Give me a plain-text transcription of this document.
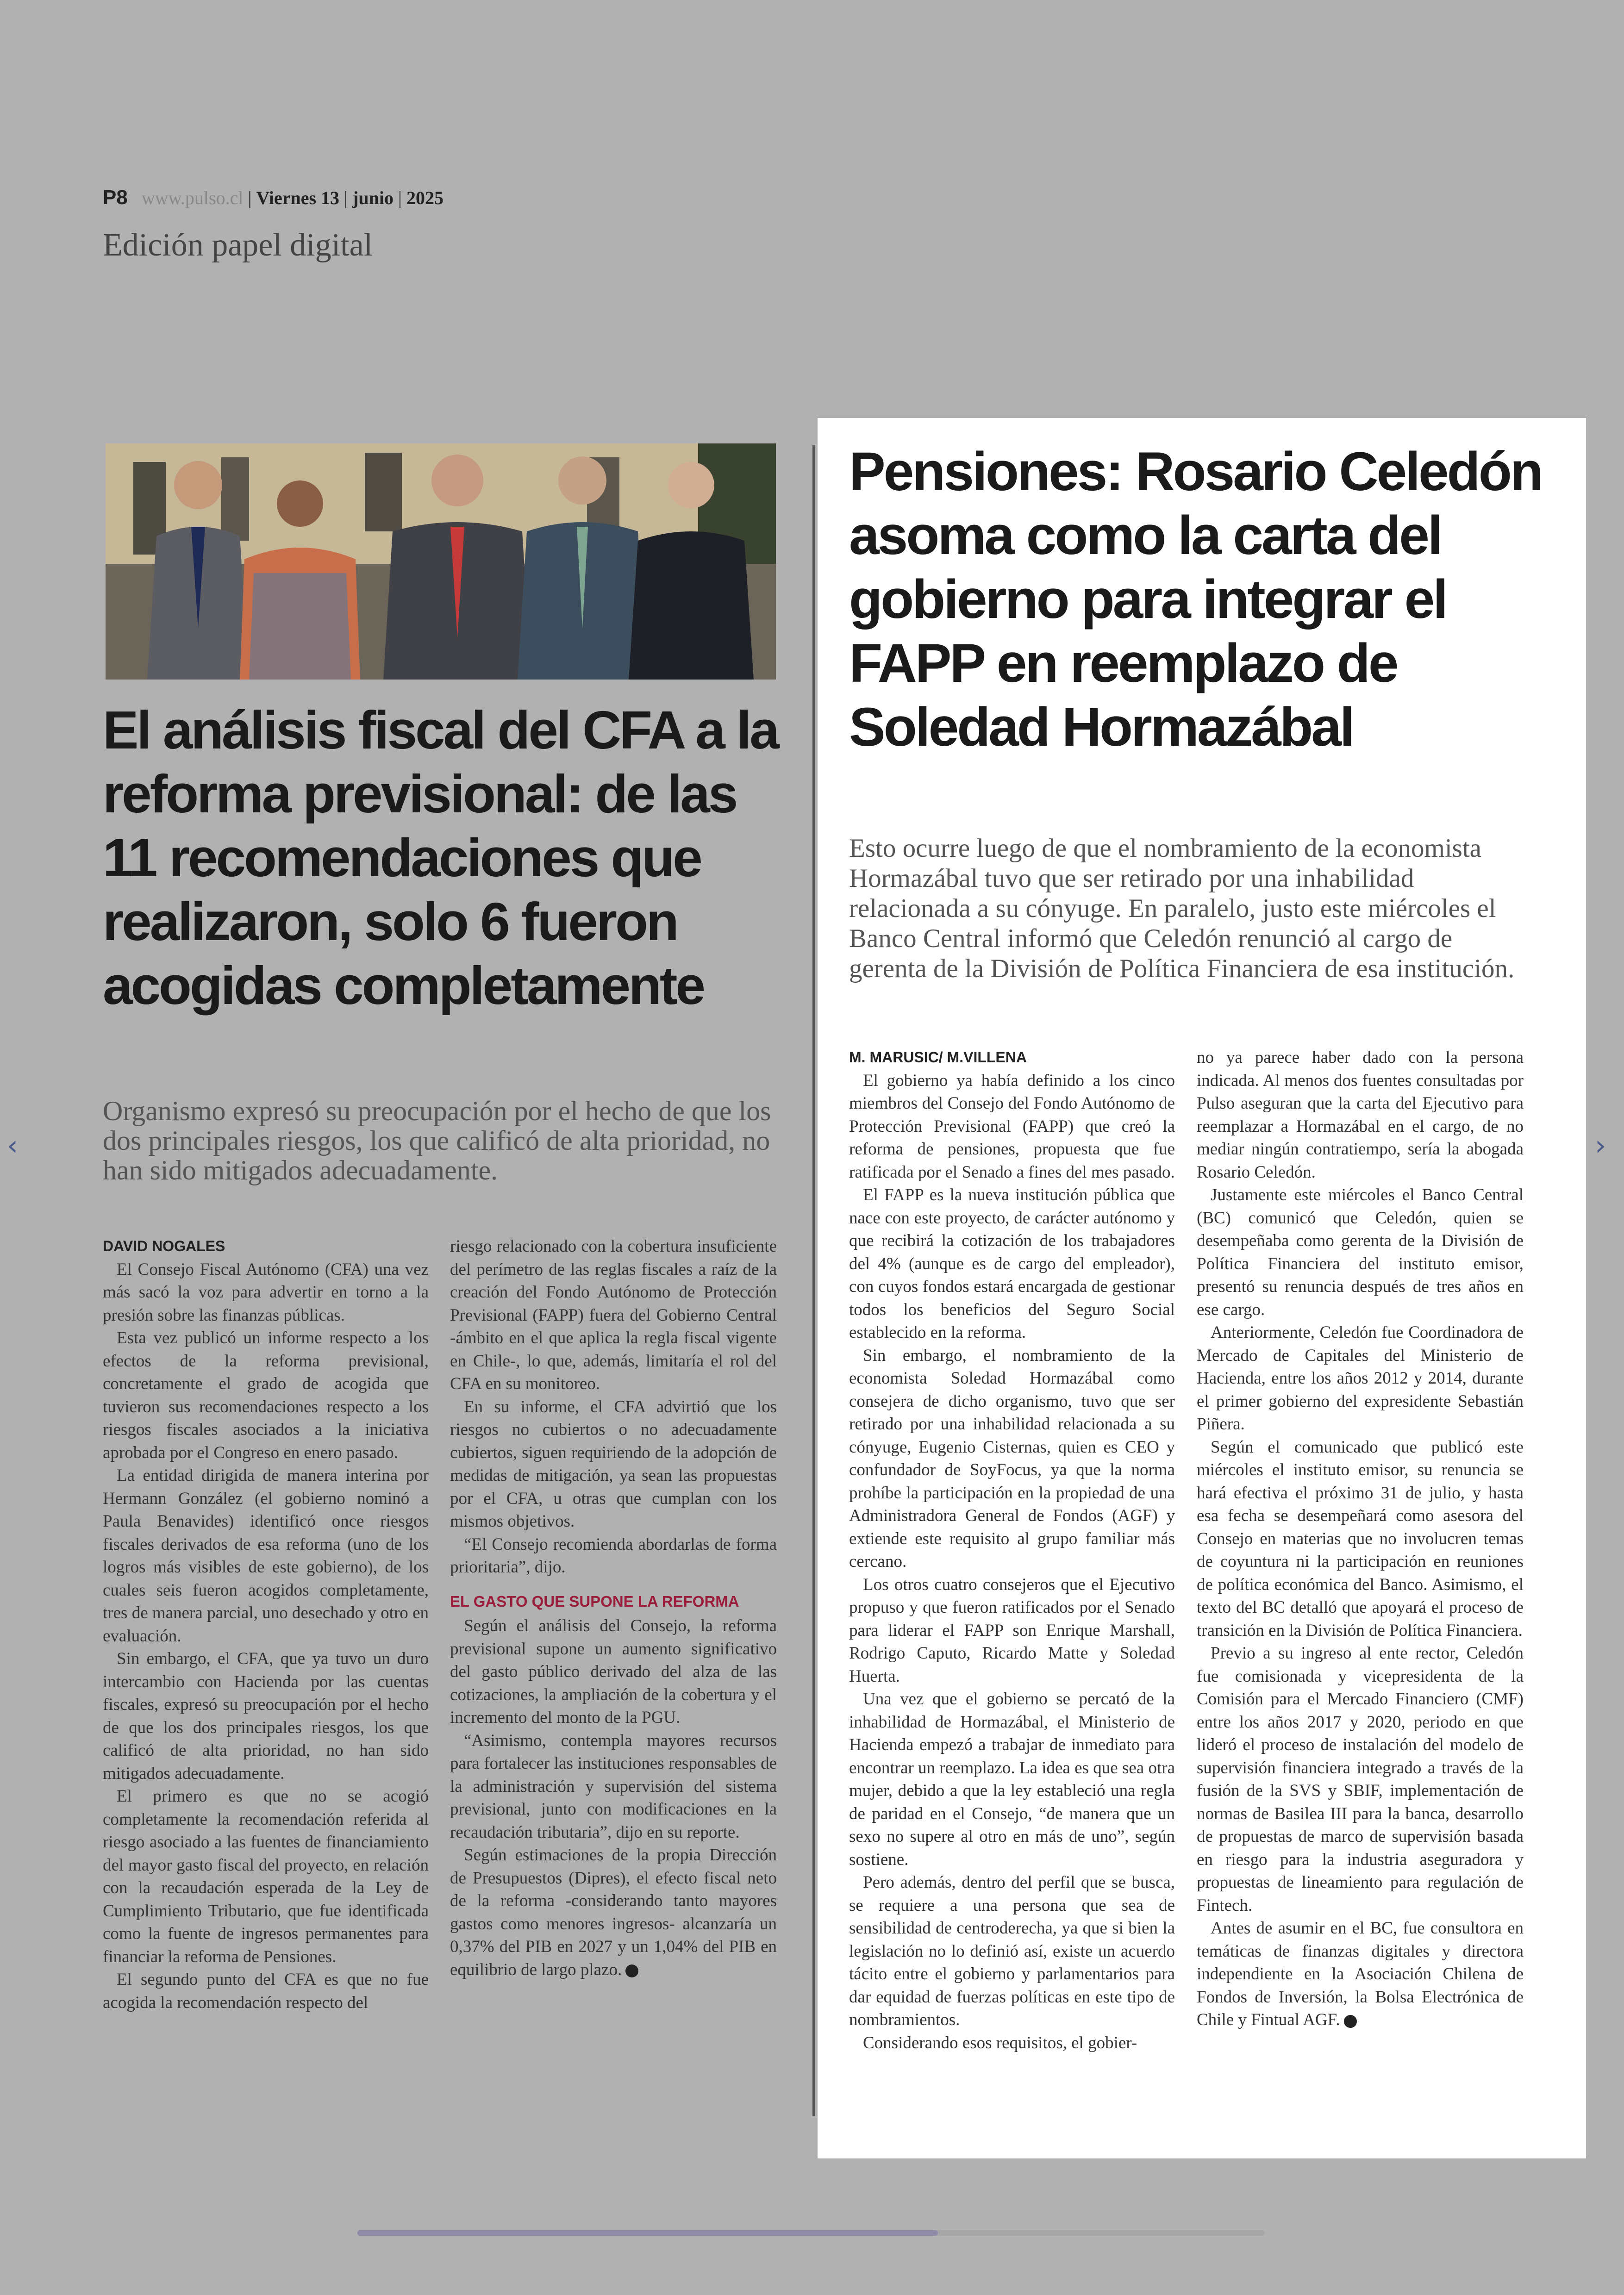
P8 www.pulso.cl | Viernes 13 | junio | 2025
Edición papel digital
El análisis fiscal del CFA a la reforma previsional: de las 11 recomendaciones que realizaron, solo 6 fueron acogidas completamente
Organismo expresó su preocupación por el hecho de que los dos principales riesgos, los que calificó de alta prioridad, no han sido mitigados adecuadamente.

DAVID NOGALES

El Consejo Fiscal Autónomo (CFA) una vez más sacó la voz para advertir en torno a la presión sobre las finanzas públicas.

Esta vez publicó un informe respecto a los efectos de la reforma previsional, concretamente el grado de acogida que tuvieron sus recomendaciones respecto a los riesgos fiscales asociados a la iniciativa aprobada por el Congreso en enero pasado.

La entidad dirigida de manera interina por Hermann González (el gobierno nominó a Paula Benavides) identificó once riesgos fiscales derivados de esa reforma (uno de los logros más visibles de este gobierno), de los cuales seis fueron acogidos completamente, tres de manera parcial, uno desechado y otro en evaluación.

Sin embargo, el CFA, que ya tuvo un duro intercambio con Hacienda por las cuentas fiscales, expresó su preocupación por el hecho de que los dos principales riesgos, los que calificó de alta prioridad, no han sido mitigados adecuadamente.

El primero es que no se acogió completamente la recomendación referida al riesgo asociado a las fuentes de financiamiento del mayor gasto fiscal del proyecto, en relación con la recaudación esperada de la Ley de Cumplimiento Tributario, que fue identificada como la fuente de ingresos permanentes para financiar la reforma de Pensiones.

El segundo punto del CFA es que no fue acogida la recomendación respecto del

riesgo relacionado con la cobertura insuficiente del perímetro de las reglas fiscales a raíz de la creación del Fondo Autónomo de Protección Previsional (FAPP) fuera del Gobierno Central -ámbito en el que aplica la regla fiscal vigente en Chile-, lo que, además, limitaría el rol del CFA en su monitoreo.

En su informe, el CFA advirtió que los riesgos no cubiertos o no adecuadamente cubiertos, siguen requiriendo de la adopción de medidas de mitigación, ya sean las propuestas por el CFA, u otras que cumplan con los mismos objetivos.

“El Consejo recomienda abordarlas de forma prioritaria”, dijo.

EL GASTO QUE SUPONE LA REFORMA

Según el análisis del Consejo, la reforma previsional supone un aumento significativo del gasto público derivado del alza de las cotizaciones, la ampliación de la cobertura y el incremento del monto de la PGU.

“Asimismo, contempla mayores recursos para fortalecer las instituciones responsables de la administración y supervisión del sistema previsional, junto con modificaciones en la recaudación tributaria”, dijo en su reporte.

Según estimaciones de la propia Dirección de Presupuestos (Dipres), el efecto fiscal neto de la reforma -considerando tanto mayores gastos como menores ingresos- alcanzaría un 0,37% del PIB en 2027 y un 1,04% del PIB en equilibrio de largo plazo.

Pensiones: Rosario Celedón asoma como la carta del gobierno para integrar el FAPP en reemplazo de Soledad Hormazábal
Esto ocurre luego de que el nombramiento de la economista Hormazábal tuvo que ser retirado por una inhabilidad relacionada a su cónyuge. En paralelo, justo este miércoles el Banco Central informó que Celedón renunció al cargo de gerenta de la División de Política Financiera de esa institución.

M. MARUSIC/ M.VILLENA

El gobierno ya había definido a los cinco miembros del Consejo del Fondo Autónomo de Protección Previsional (FAPP) que creó la reforma de pensiones, propuesta que fue ratificada por el Senado a fines del mes pasado.

El FAPP es la nueva institución pública que nace con este proyecto, de carácter autónomo y que recibirá la cotización de los trabajadores del 4% (aunque es de cargo del empleador), con cuyos fondos estará encargada de gestionar todos los beneficios del Seguro Social establecido en la reforma.

Sin embargo, el nombramiento de la economista Soledad Hormazábal como consejera de dicho organismo, tuvo que ser retirado por una inhabilidad relacionada a su cónyuge, Eugenio Cisternas, quien es CEO y confundador de SoyFocus, ya que la norma prohíbe la participación en la propiedad de una Administradora General de Fondos (AGF) y extiende este requisito al grupo familiar más cercano.

Los otros cuatro consejeros que el Ejecutivo propuso y que fueron ratificados por el Senado para liderar el FAPP son Enrique Marshall, Rodrigo Caputo, Ricardo Matte y Soledad Huerta.

Una vez que el gobierno se percató de la inhabilidad de Hormazábal, el Ministerio de Hacienda empezó a trabajar de inmediato para encontrar un reemplazo. La idea es que sea otra mujer, debido a que la ley estableció una regla de paridad en el Consejo, “de manera que un sexo no supere al otro en más de uno”, según sostiene.

Pero además, dentro del perfil que se busca, se requiere a una persona que sea de sensibilidad de centroderecha, ya que si bien la legislación no lo definió así, existe un acuerdo tácito entre el gobierno y parlamentarios para dar equidad de fuerzas políticas en este tipo de nombramientos.

Considerando esos requisitos, el gobier-

no ya parece haber dado con la persona indicada. Al menos dos fuentes consultadas por Pulso aseguran que la carta del Ejecutivo para reemplazar a Hormazábal en el cargo, de no mediar ningún contratiempo, sería la abogada Rosario Celedón.

Justamente este miércoles el Banco Central (BC) comunicó que Celedón, quien se desempeñaba como gerenta de la División de Política Financiera del instituto emisor, presentó su renuncia después de tres años en ese cargo.

Anteriormente, Celedón fue Coordinadora de Mercado de Capitales del Ministerio de Hacienda, entre los años 2012 y 2014, durante el primer gobierno del expresidente Sebastián Piñera.

Según el comunicado que publicó este miércoles el instituto emisor, su renuncia se hará efectiva el próximo 31 de julio, y hasta esa fecha se desempeñará como asesora del Consejo en materias que no involucren temas de coyuntura ni la participación en reuniones de política económica del Banco. Asimismo, el texto del BC detalló que apoyará el proceso de transición en la División de Política Financiera.

Previo a su ingreso al ente rector, Celedón fue comisionada y vicepresidenta de la Comisión para el Mercado Financiero (CMF) entre los años 2017 y 2020, periodo en que lideró el proceso de instalación del modelo de supervisión financiera integrado a través de la fusión de la SVS y SBIF, implementación de normas de Basilea III para la banca, desarrollo de propuestas de marco de supervisión basada en riesgo para la industria aseguradora y propuestas de lineamiento para regulación de Fintech.

Antes de asumir en el BC, fue consultora en temáticas de finanzas digitales y directora independiente en la Asociación Chilena de Fondos de Inversión, la Bolsa Electrónica de Chile y Fintual AGF.

‹	›
